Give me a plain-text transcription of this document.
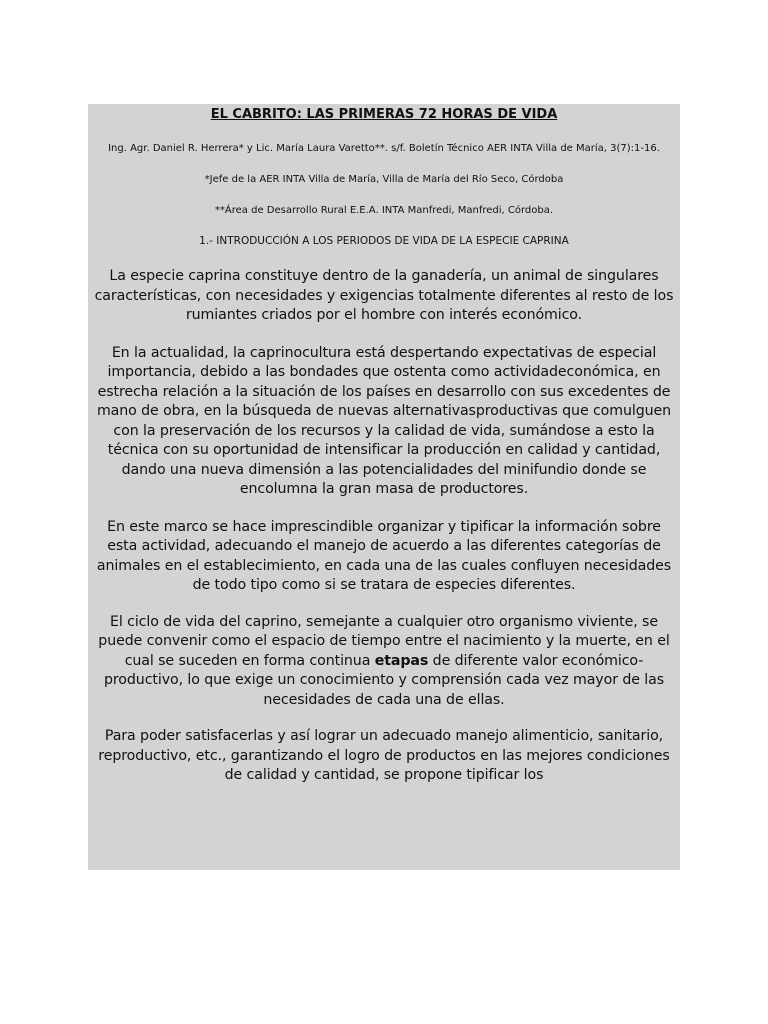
EL CABRITO: LAS PRIMERAS 72 HORAS DE VIDA

Ing. Agr. Daniel R. Herrera* y Lic. María Laura Varetto**. s/f. Boletín Técnico AER INTA Villa de María, 3(7):1-16.

*Jefe de la AER INTA Villa de María, Villa de María del Río Seco, Córdoba

**Área de Desarrollo Rural E.E.A. INTA Manfredi, Manfredi, Córdoba.

1.- INTRODUCCIÓN A LOS PERIODOS DE VIDA DE LA ESPECIE CAPRINA

La especie caprina constituye dentro de la ganadería, un animal de singulares características, con necesidades y exigencias totalmente diferentes al resto de los rumiantes criados por el hombre con interés económico.

En la actualidad, la caprinocultura está despertando expectativas de especial importancia, debido a las bondades que ostenta como actividadeconómica, en estrecha relación a la situación de los países en desarrollo con sus excedentes de mano de obra, en la búsqueda de nuevas alternativasproductivas que comulguen con la preservación de los recursos y la calidad de vida, sumándose a esto la técnica con su oportunidad de intensificar la producción en calidad y cantidad, dando una nueva dimensión a las potencialidades del minifundio donde se encolumna la gran masa de productores.

En este marco se hace imprescindible organizar y tipificar la información sobre esta actividad, adecuando el manejo de acuerdo a las diferentes categorías de animales en el establecimiento, en cada una de las cuales confluyen necesidades de todo tipo como si se tratara de especies diferentes.

El ciclo de vida del caprino, semejante a cualquier otro organismo viviente, se puede convenir como el espacio de tiempo entre el nacimiento y la muerte, en el cual se suceden en forma continua etapas de diferente valor económico-productivo, lo que exige un conocimiento y comprensión cada vez mayor de las necesidades de cada una de ellas.

Para poder satisfacerlas y así lograr un adecuado manejo alimenticio, sanitario, reproductivo, etc., garantizando el logro de productos en las mejores condiciones de calidad y cantidad, se propone tipificar los
